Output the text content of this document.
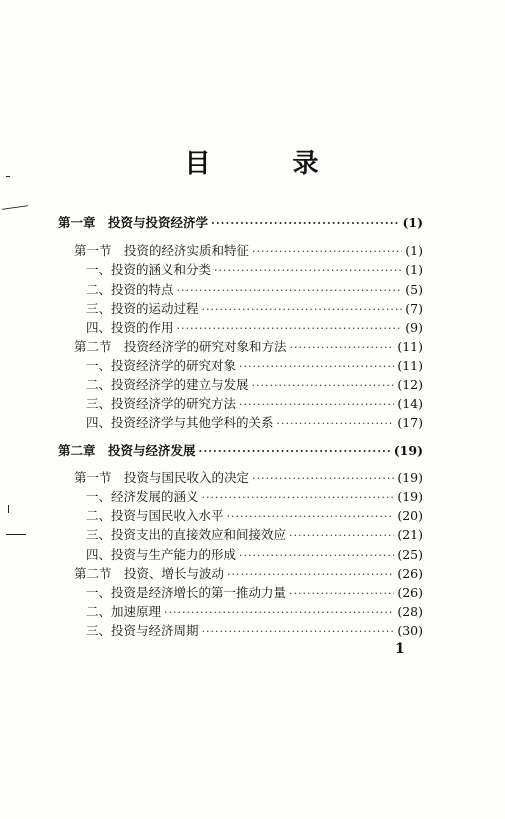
目	录
第一章　投资与投资经济学 ·····	(1)
第一节　投资的经济实质和特征 ·····	(1)
一、投资的涵义和分类 ·····	(1)
二、投资的特点 ·····	(5)
三、投资的运动过程 ·····	(7)
四、投资的作用 ·····	(9)
第二节　投资经济学的研究对象和方法 ·····	(11)
一、投资经济学的研究对象 ·····	(11)
二、投资经济学的建立与发展 ·····	(12)
三、投资经济学的研究方法 ·····	(14)
四、投资经济学与其他学科的关系 ·····	(17)
第二章　投资与经济发展 ·····	(19)
第一节　投资与国民收入的决定 ·····	(19)
一、经济发展的涵义 ·····	(19)
二、投资与国民收入水平 ·····	(20)
三、投资支出的直接效应和间接效应 ·····	(21)
四、投资与生产能力的形成 ·····	(25)
第二节　投资、增长与波动 ·····	(26)
一、投资是经济增长的第一推动力量 ·····	(26)
二、加速原理 ·····	(28)
三、投资与经济周期 ·····	(30)
1
